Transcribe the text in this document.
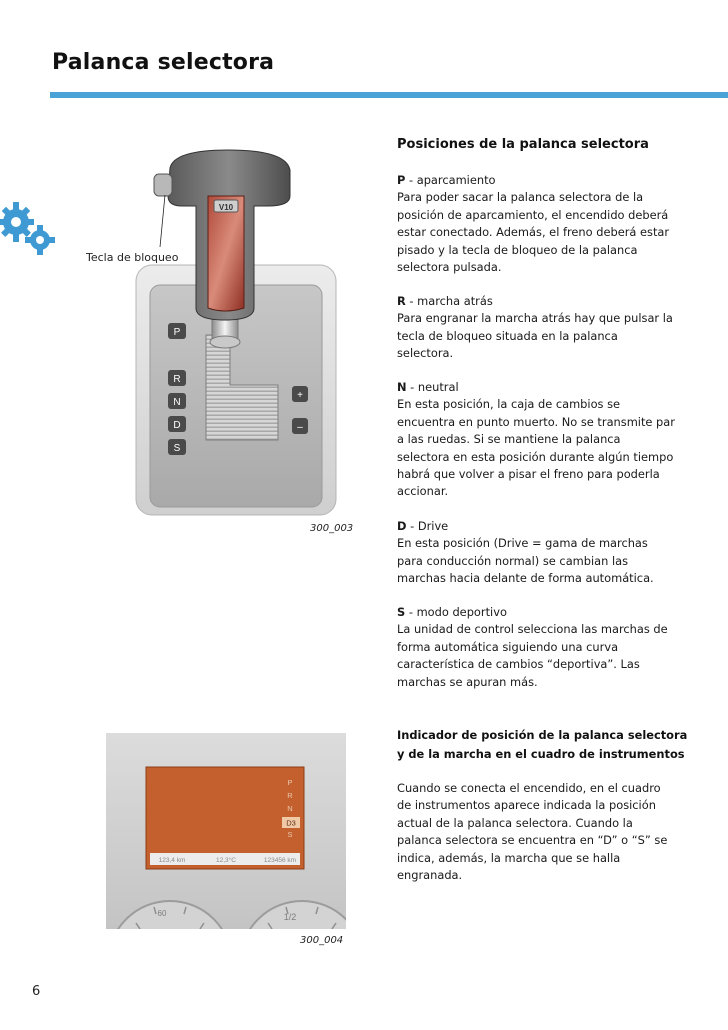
Palanca selectora
P
R
N
D
S
+
–
V10
Tecla de bloqueo
300_003
P
R
N
D3
S
123,4 km	12,3°C	123456 km
60	1/2
300_004
Posiciones de la palanca selectora

P - aparcamiento

Para poder sacar la palanca selectora de la posición de aparcamiento, el encendido deberá estar conectado. Además, el freno deberá estar pisado y la tecla de bloqueo de la palanca selectora pulsada.

R - marcha atrás

Para engranar la marcha atrás hay que pulsar la tecla de bloqueo situada en la palanca selectora.

N - neutral

En esta posición, la caja de cambios se encuentra en punto muerto. No se transmite par a las ruedas. Si se mantiene la palanca selectora en esta posición durante algún tiempo habrá que volver a pisar el freno para poderla accionar.

D - Drive

En esta posición (Drive = gama de marchas para conducción normal) se cambian las marchas hacia delante de forma automática.

S - modo deportivo

La unidad de control selecciona las marchas de forma automática siguiendo una curva característica de cambios “deportiva”. Las marchas se apuran más.

Indicador de posición de la palanca selectora y de la marcha en el cuadro de instrumentos
Cuando se conecta el encendido, en el cuadro de instrumentos aparece indicada la posición actual de la palanca selectora. Cuando la palanca selectora se encuentra en “D” o “S” se indica, además, la marcha que se halla engranada.
6
